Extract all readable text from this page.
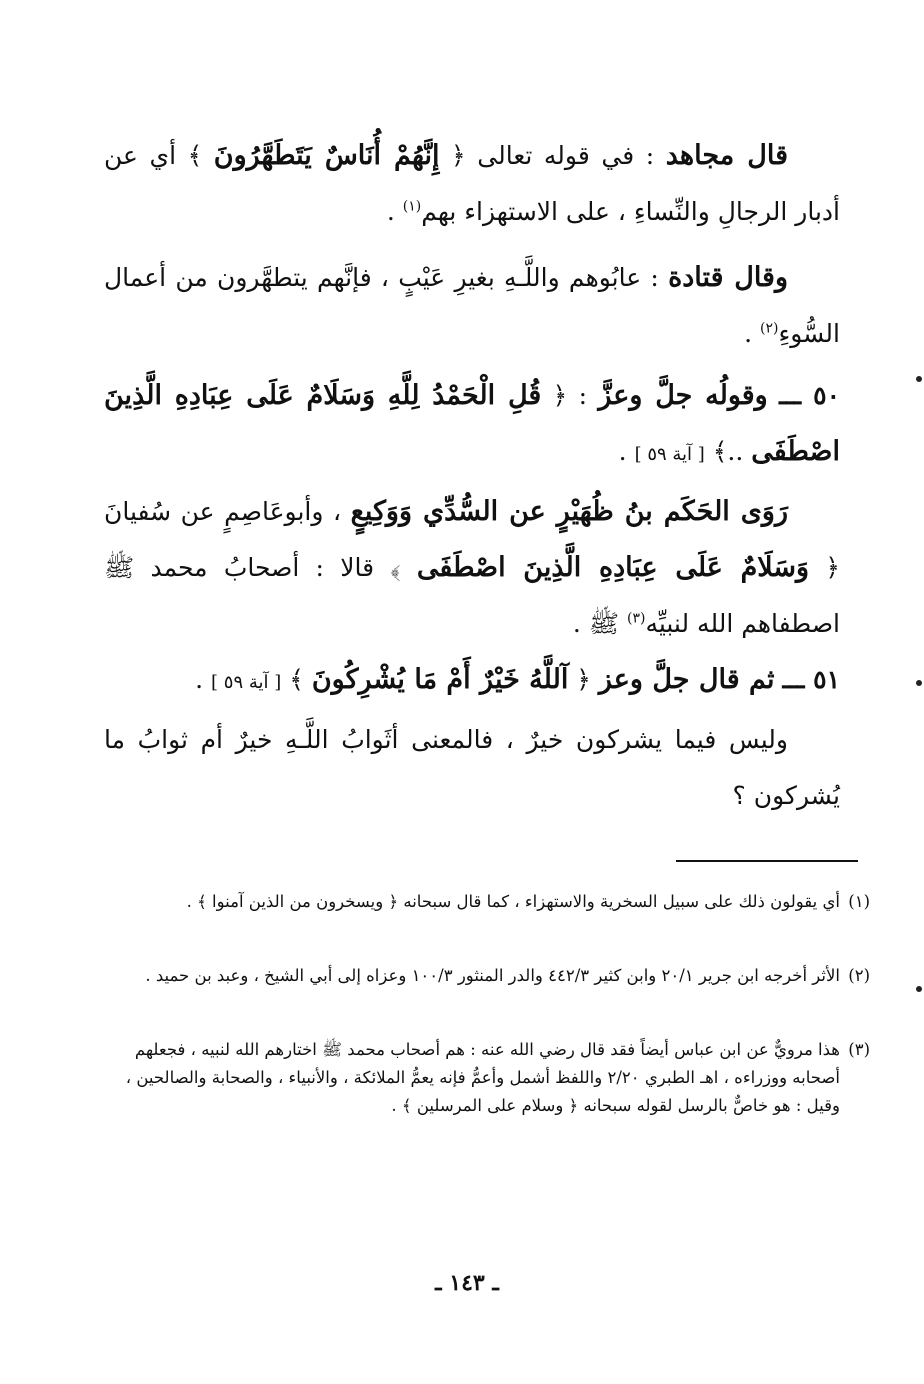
قال مجاهد : في قوله تعالى ﴿ إِنَّهُمْ أُنَاسٌ يَتَطَهَّرُونَ ﴾ أي عن أدبار الرجالِ والنِّساءِ ، على الاستهزاء بهم$^{(١)}$ .
وقال قتادة : عابُوهم واللَّـهِ بغيرِ عَيْبٍ ، فإنَّهم يتطهَّرون من أعمال السُّوءِ$^{(٢)}$ .
٥٠ ـــ وقولُه جلَّ وعزَّ : ﴿ قُلِ الْحَمْدُ لِلَّهِ وَسَلَامٌ عَلَى عِبَادِهِ الَّذِينَ اصْطَفَى ..﴾ [ آية ٥٩ ] .
رَوَى الحَكَم بنُ ظُهَيْرٍ عن السُّدِّي وَوَكِيعٍ ، وأبوعَاصِمٍ عن سُفيانَ ﴿ وَسَلَامٌ عَلَى عِبَادِهِ الَّذِينَ اصْطَفَى ﴾ قالا : أصحابُ محمد ﷺ اصطفاهم الله لنبيِّه$^{(٣)}$ ﷺ .
٥١ ـــ ثم قال جلَّ وعز ﴿ آللَّهُ خَيْرٌ أَمْ مَا يُشْرِكُونَ ﴾ [ آية ٥٩ ] .
وليس فيما يشركون خيرٌ ، فالمعنى أثَوابُ اللَّـهِ خيرٌ أم ثوابُ ما يُشركون ؟
(١)
أي يقولون ذلك على سبيل السخرية والاستهزاء ، كما قال سبحانه ﴿ ويسخرون من الذين آمنوا ﴾ .
(٢)
الأثر أخرجه ابن جرير ٢٠/١ وابن كثير ٤٤٢/٣ والدر المنثور ١٠٠/٣ وعزاه إلى أبي الشيخ ، وعبد بن حميد .
(٣)
هذا مرويٌّ عن ابن عباس أيضاً فقد قال رضي الله عنه : هم أصحاب محمد ﷺ اختارهم الله لنبيه ، فجعلهم أصحابه ووزراءه ، اهـ الطبري ٢/٢٠ واللفظ أشمل وأعمُّ فإنه يعمُّ الملائكة ، والأنبياء ، والصحابة والصالحين ، وقيل : هو خاصٌّ بالرسل لقوله سبحانه ﴿ وسلام على المرسلين ﴾ .
ـ ١٤٣ ـ
